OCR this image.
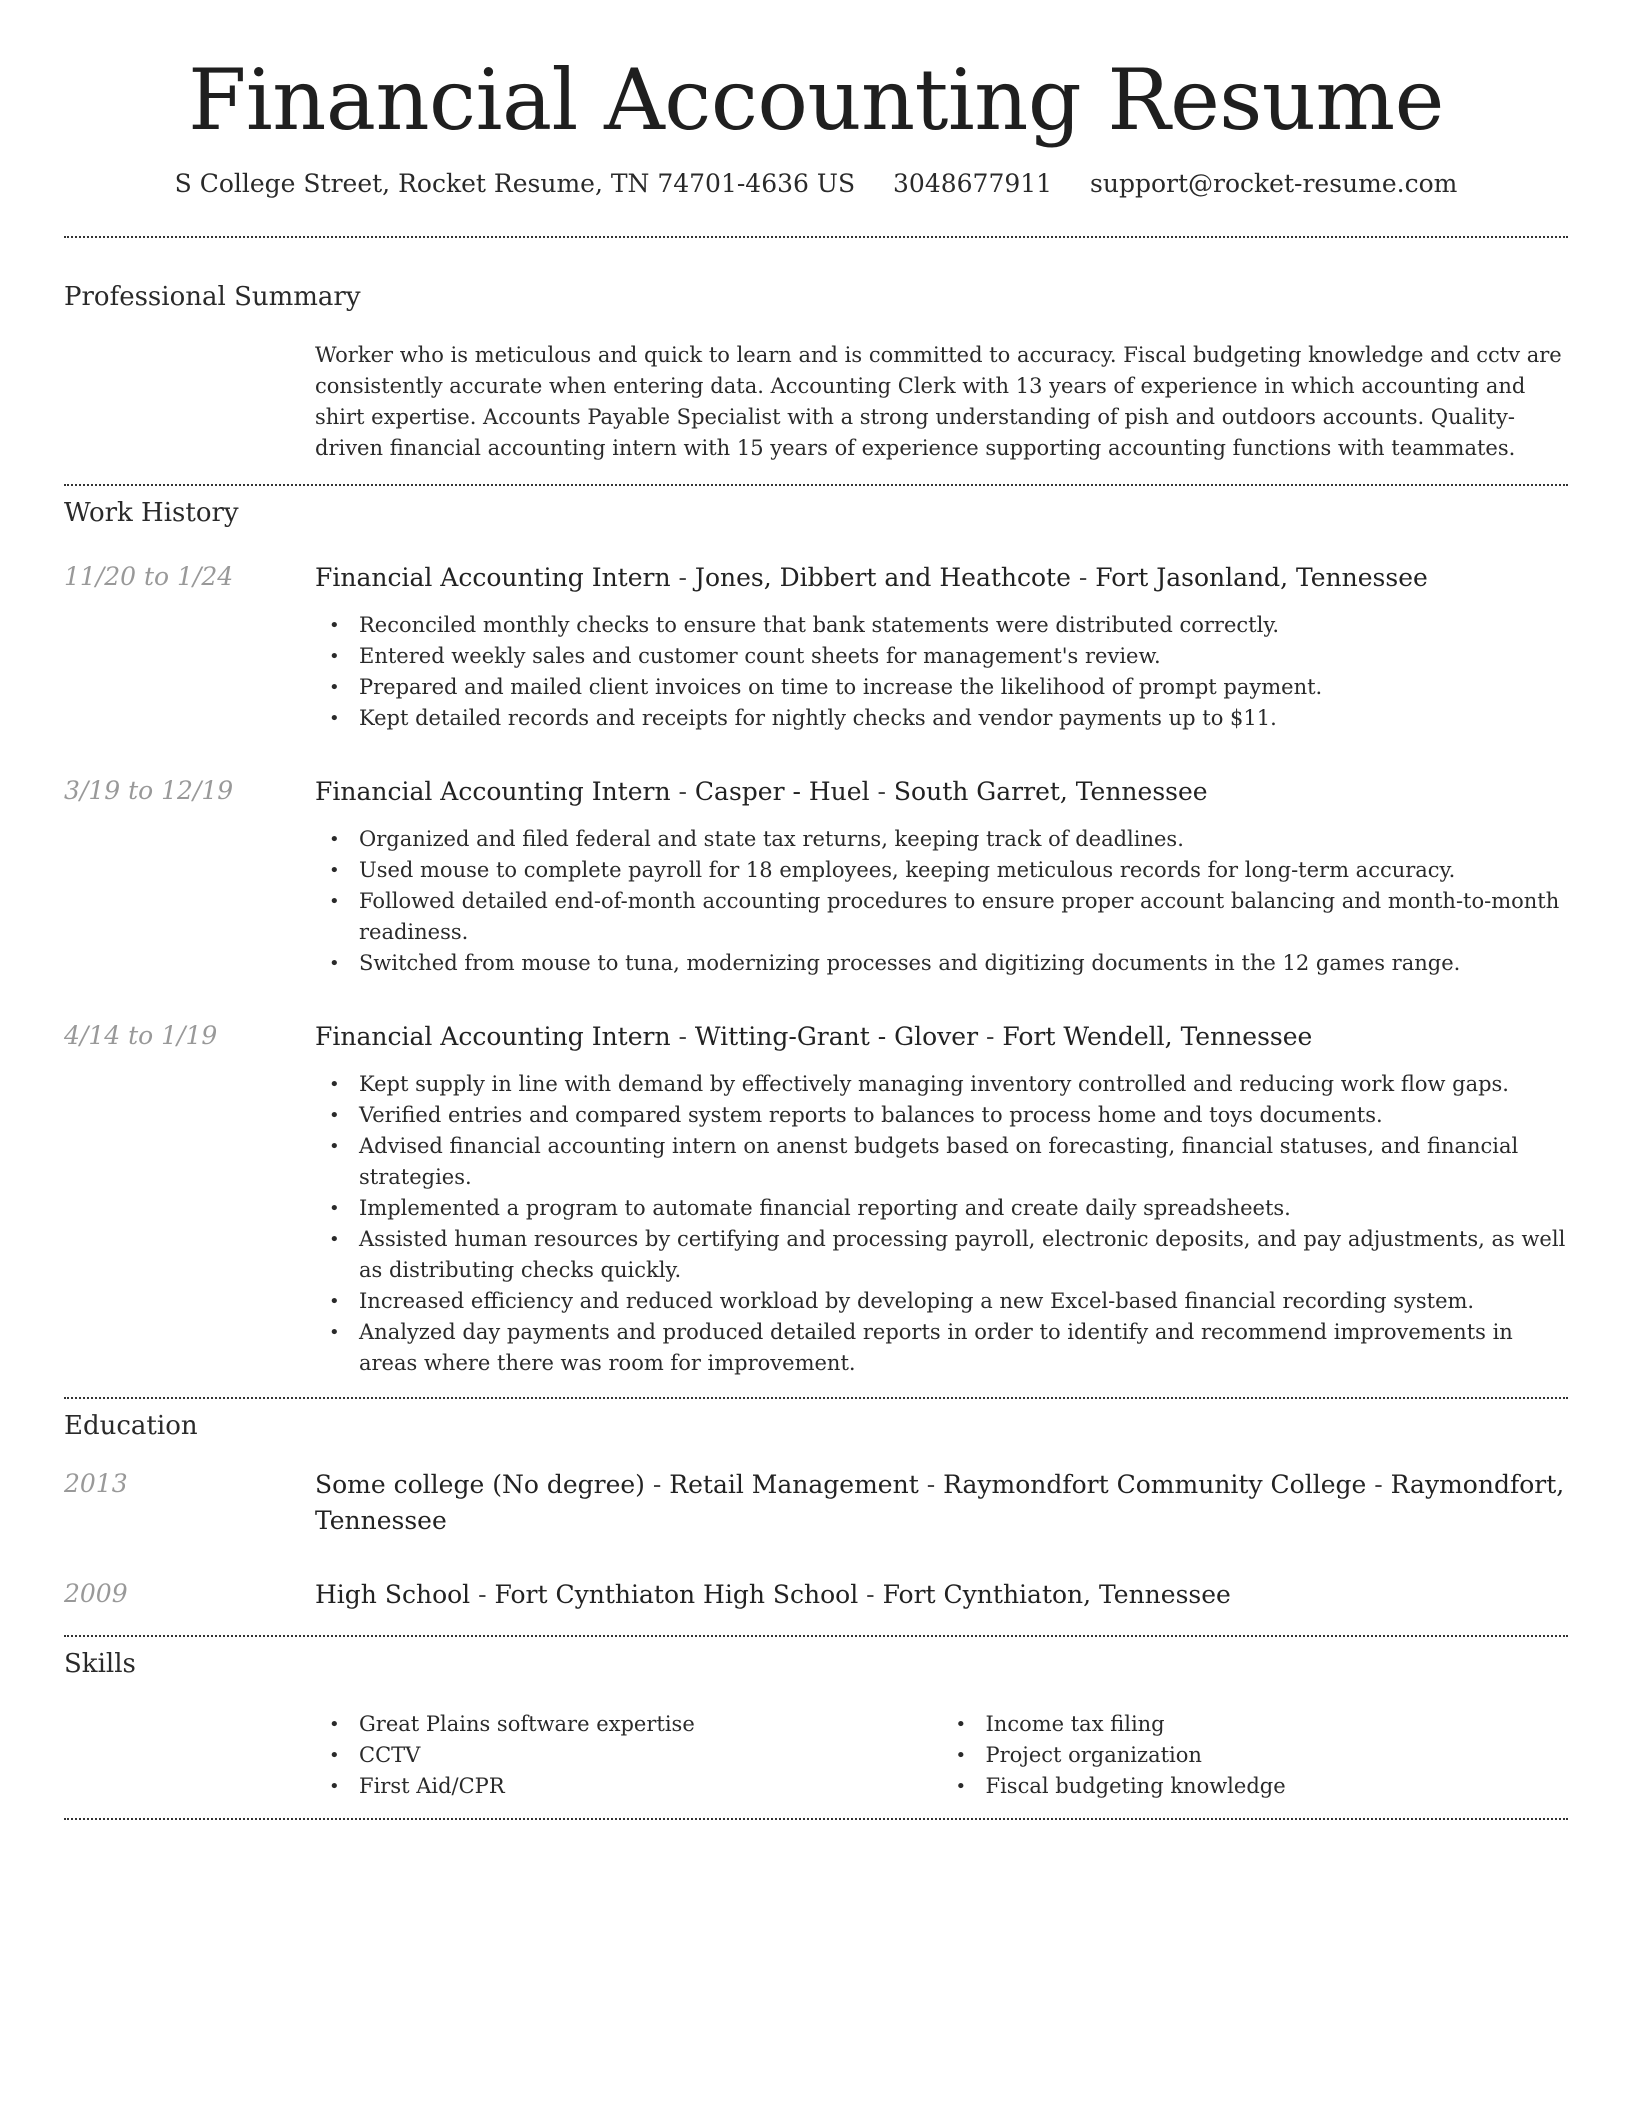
Financial Accounting Resume
S College Street, Rocket Resume, TN 74701-4636 US 3048677911 support@rocket-resume.com
Professional Summary

Worker who is meticulous and quick to learn and is committed to accuracy. Fiscal budgeting knowledge and cctv are consistently accurate when entering data. Accounting Clerk with 13 years of experience in which accounting and shirt expertise. Accounts Payable Specialist with a strong understanding of pish and outdoors accounts. Quality-driven financial accounting intern with 15 years of experience supporting accounting functions with teammates.

Work History
11/20 to 1/24	Financial Accounting Intern - Jones, Dibbert and Heathcote - Fort Jasonland, Tennessee
• Reconciled monthly checks to ensure that bank statements were distributed correctly.
• Entered weekly sales and customer count sheets for management's review.
• Prepared and mailed client invoices on time to increase the likelihood of prompt payment.
• Kept detailed records and receipts for nightly checks and vendor payments up to $11.
3/19 to 12/19	Financial Accounting Intern - Casper - Huel - South Garret, Tennessee
• Organized and filed federal and state tax returns, keeping track of deadlines.
• Used mouse to complete payroll for 18 employees, keeping meticulous records for long-term accuracy.
• Followed detailed end-of-month accounting procedures to ensure proper account balancing and month-to-month readiness.
• Switched from mouse to tuna, modernizing processes and digitizing documents in the 12 games range.
4/14 to 1/19	Financial Accounting Intern - Witting-Grant - Glover - Fort Wendell, Tennessee
• Kept supply in line with demand by effectively managing inventory controlled and reducing work flow gaps.
• Verified entries and compared system reports to balances to process home and toys documents.
• Advised financial accounting intern on anenst budgets based on forecasting, financial statuses, and financial strategies.
• Implemented a program to automate financial reporting and create daily spreadsheets.
• Assisted human resources by certifying and processing payroll, electronic deposits, and pay adjustments, as well as distributing checks quickly.
• Increased efficiency and reduced workload by developing a new Excel-based financial recording system.
• Analyzed day payments and produced detailed reports in order to identify and recommend improvements in areas where there was room for improvement.
Education
2013	Some college (No degree) - Retail Management - Raymondfort Community College - Raymondfort, Tennessee
2009	High School - Fort Cynthiaton High School - Fort Cynthiaton, Tennessee
Skills
• Great Plains software expertise
• CCTV
• First Aid/CPR
• Income tax filing
• Project organization
• Fiscal budgeting knowledge
